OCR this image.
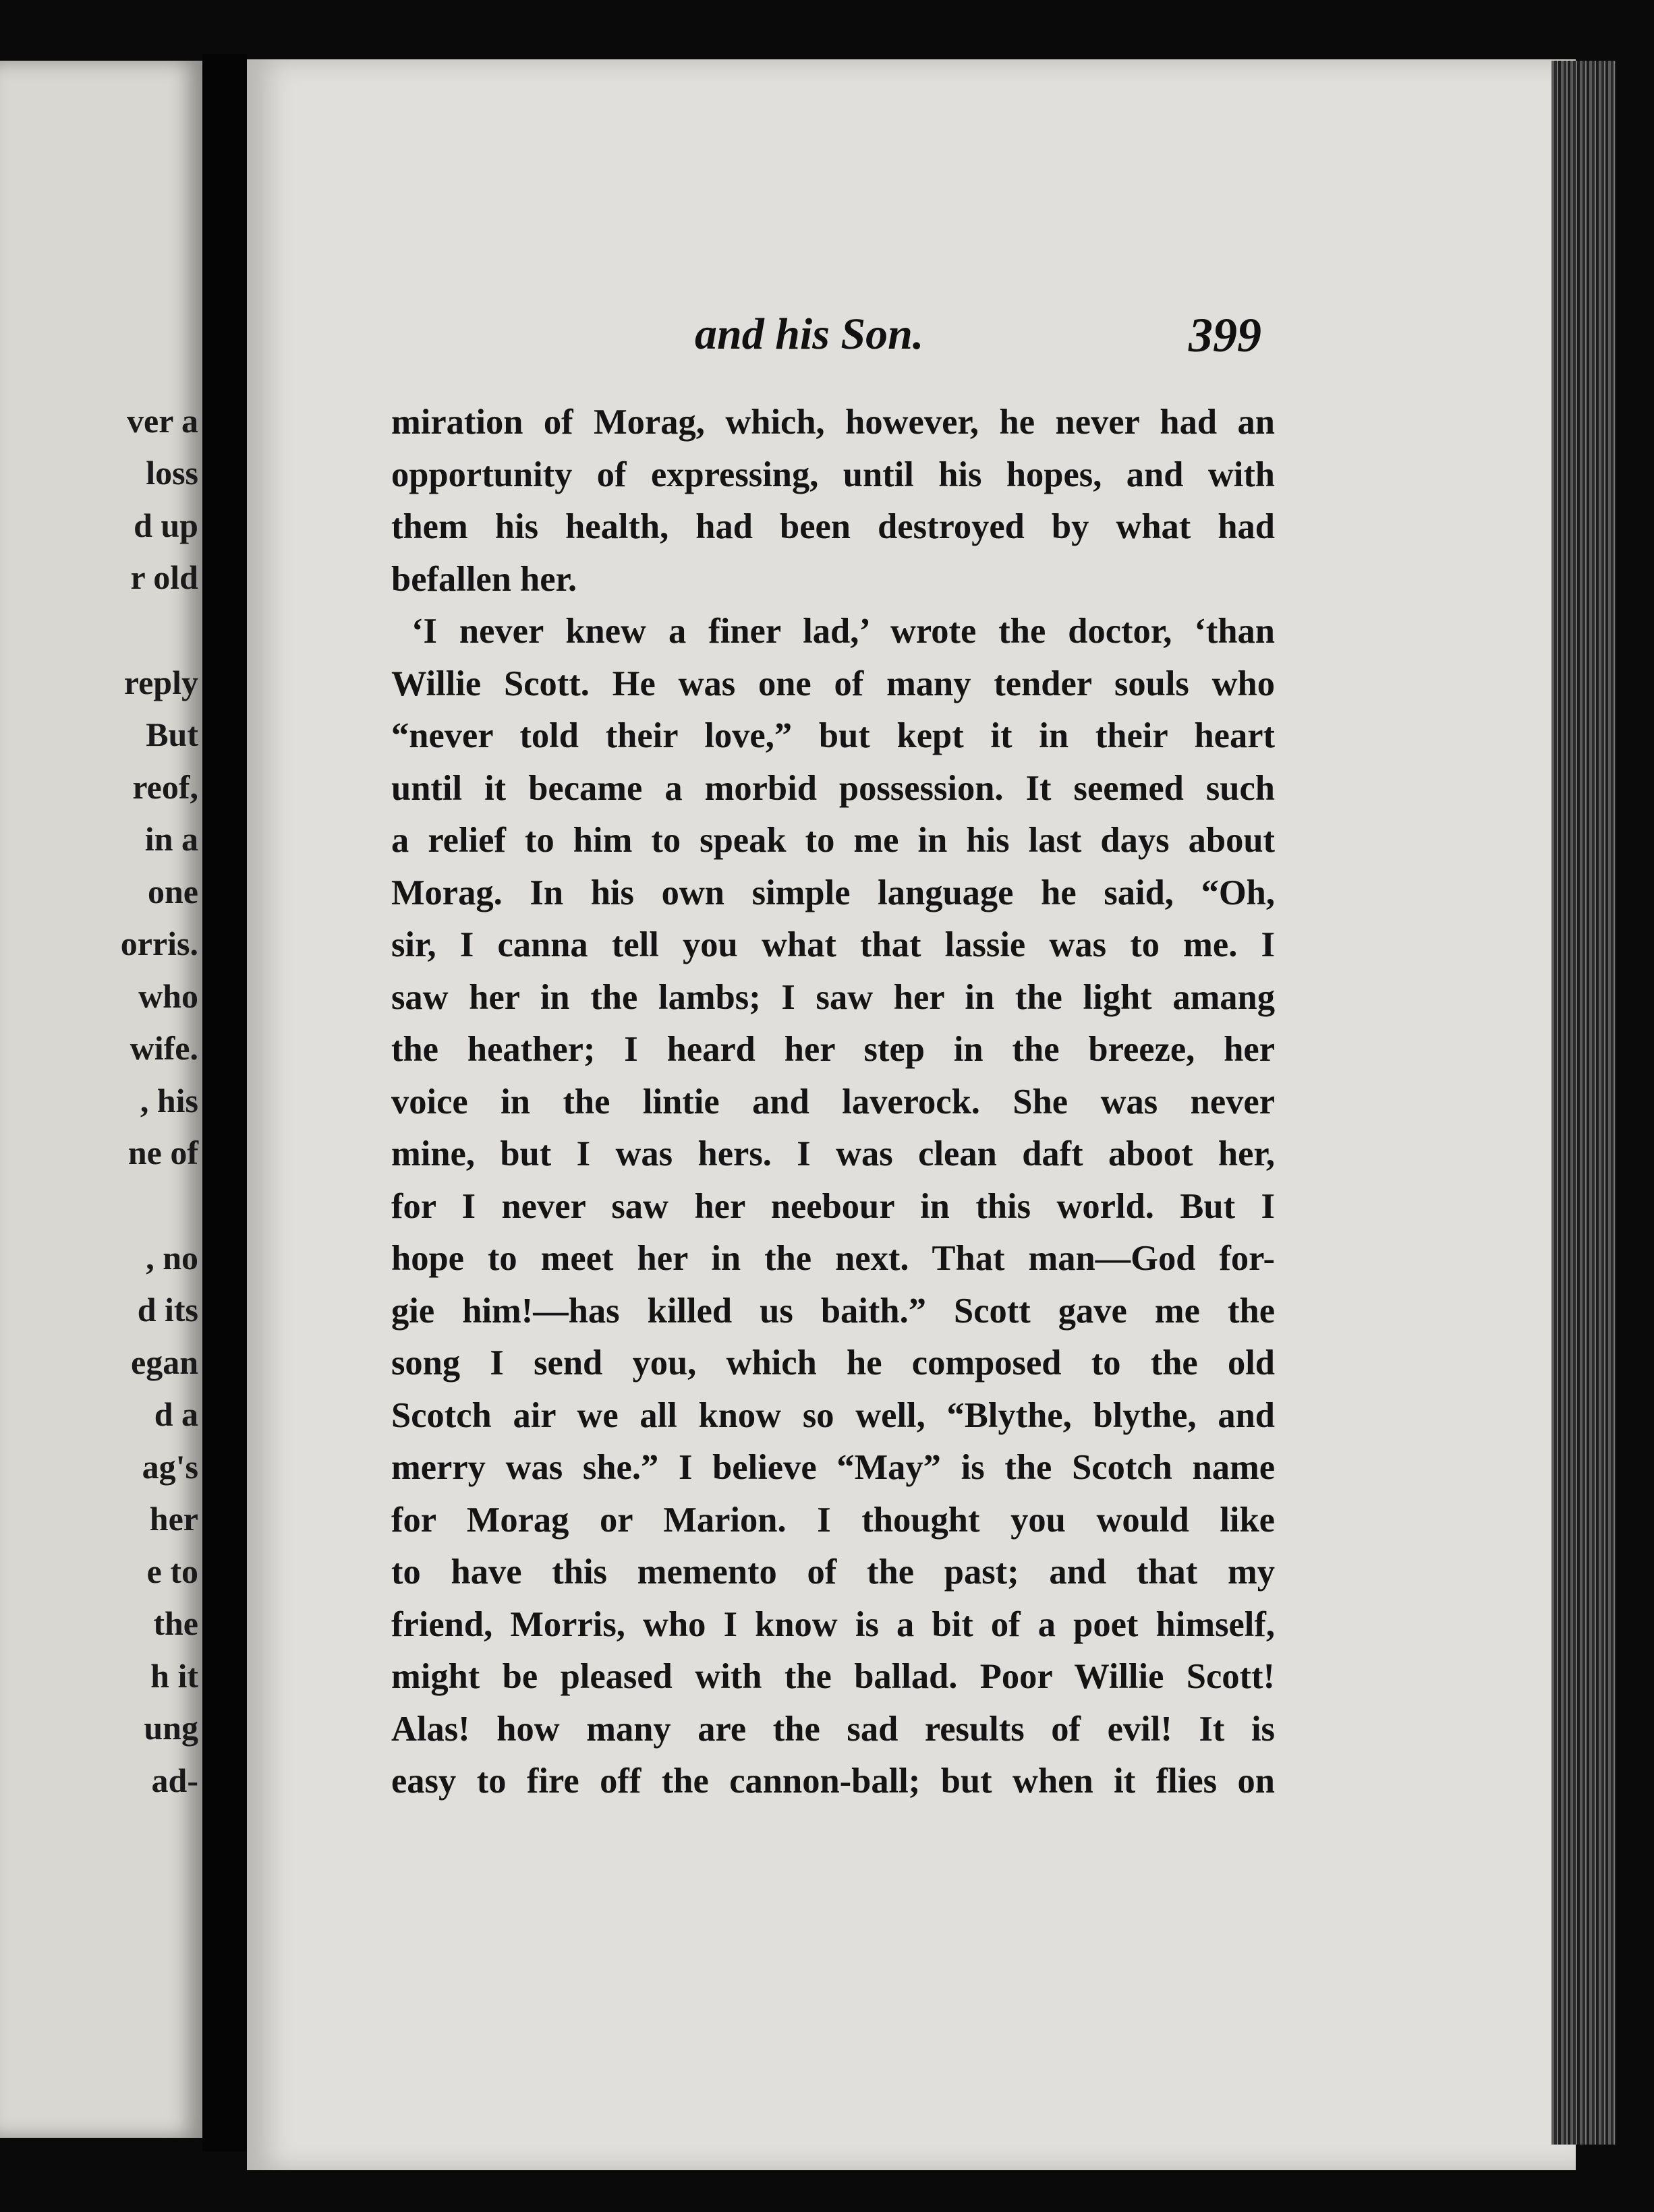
ver a
loss
d up
r old
reply
But
reof,
in a
one
orris.
who
wife.
, his
ne of
, no
d its
egan
d a
ag's
her
e to
the
h it
ung
ad-
and his Son.	399
miration of Morag, which, however, he never had an
opportunity of expressing, until his hopes, and with
them his health, had been destroyed by what had
befallen her.
‘I never knew a finer lad,’ wrote the doctor, ‘than
Willie Scott. He was one of many tender souls who
“never told their love,” but kept it in their heart
until it became a morbid possession. It seemed such
a relief to him to speak to me in his last days about
Morag. In his own simple language he said, “Oh,
sir, I canna tell you what that lassie was to me. I
saw her in the lambs; I saw her in the light amang
the heather; I heard her step in the breeze, her
voice in the lintie and laverock. She was never
mine, but I was hers. I was clean daft aboot her,
for I never saw her neebour in this world. But I
hope to meet her in the next. That man—God for-
gie him!—has killed us baith.” Scott gave me the
song I send you, which he composed to the old
Scotch air we all know so well, “Blythe, blythe, and
merry was she.” I believe “May” is the Scotch name
for Morag or Marion. I thought you would like
to have this memento of the past; and that my
friend, Morris, who I know is a bit of a poet himself,
might be pleased with the ballad. Poor Willie Scott!
Alas! how many are the sad results of evil! It is
easy to fire off the cannon-ball; but when it flies on
